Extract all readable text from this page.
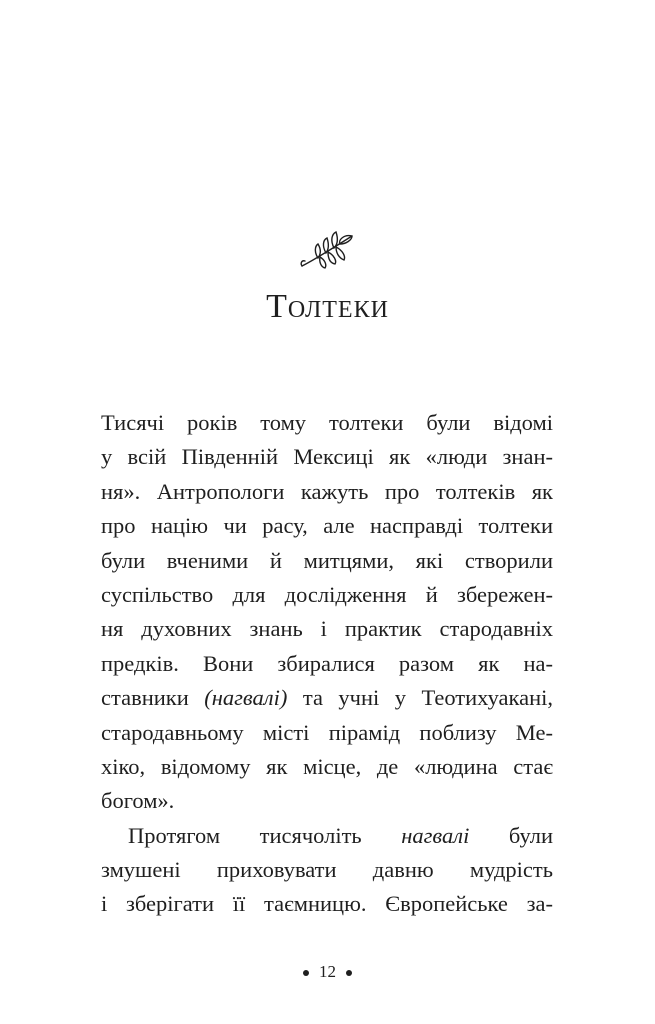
Толтеки
Тисячі років тому толтеки були відомі
у всій Південній Мексиці як «люди знан-
ня». Антропологи кажуть про толтеків як
про націю чи расу, але насправді толтеки
були вченими й митцями, які створили
суспільство для дослідження й збережен-
ня духовних знань і практик стародавніх
предків. Вони збиралися разом як на-
ставники (нагвалі) та учні у Теотихуакані,
стародавньому місті пірамід поблизу Ме-
хіко, відомому як місце, де «людина стає
богом».
Протягом тисячоліть нагвалі були
змушені приховувати давню мудрість
і зберігати її таємницю. Європейське за-
12
